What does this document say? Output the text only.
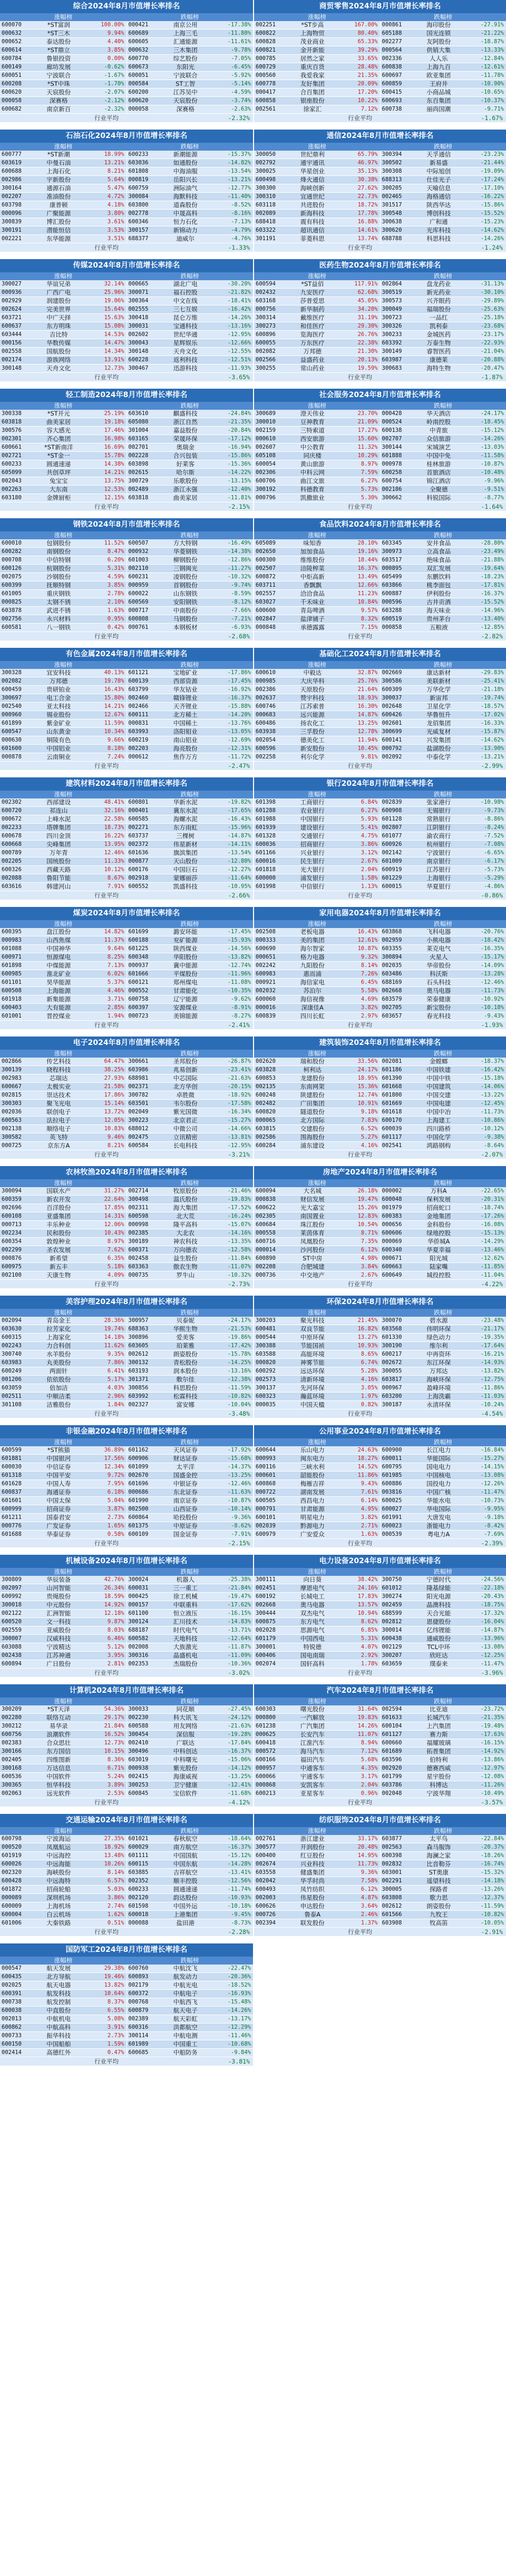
综合2024年8月市值增长率排名
涨幅榜	跌幅榜
600070	*ST富润	100.00% 000421	南京公用	-17.38%
000632	*ST三木	9.94% 600689	上海三毛	-11.80%
000652	泰达股份	4.40% 600605	汇通能源	-11.61%
600614	*ST鼎立	3.85% 000632	三木集团	-9.78%
600784	鲁银投资	0.00% 600770	综艺股份	-7.05%
600149	廊坊发展	-0.62% 600673	东阳光	-6.45%
600051	宁波联合	-1.67% 600051	宁波联合	-5.92%
600208	*ST中珠	-1.70% 000584	ST工智	-5.14%
600620	天宸股份	-2.07% 600200	江苏吴中	-4.59%
000058	深赛格	-2.12% 600620	天宸股份	-3.74%
600682	南京新百	-2.32% 000058	深赛格	-2.63%
行业平均	-2.32%
商贸零售2024年8月市值增长率排名
涨幅榜	跌幅榜
002251	*ST步高	167.00% 000861	海印股份	-27.91%
600822	上海物贸	80.40% 605188	国光连锁	-21.22%
600828	茂业商业	65.33% 002277	友阿股份	-18.87%
600821	金开新能	39.29% 000564	供销大集	-13.33%
000785	居然之家	33.65% 002336	人人乐	-12.84%
600729	重庆百货	28.48% 600838	上海九百	-12.61%
000560	我爱我家	21.35% 600697	欧亚集团	-11.78%
600778	友好集团	20.09% 600859	王府井	-10.90%
000417	合百集团	17.20% 600415	小商品城	-10.65%
600858	银座股份	10.22% 600693	东百集团	-10.37%
002561	徐家汇	7.12% 600738	丽尚国潮	-9.71%
行业平均	-1.67%
石油石化2024年8月市值增长率排名
涨幅榜	跌幅榜
600777	*ST新潮	18.99% 600233	新潮能源	-15.37%
603619	中曼石油	13.21% 603036	如通股份	-14.82%
600688	上海石化	8.21% 601808	中海油服	-13.54%
002986	宇新股份	5.64% 000819	岳阳兴长	-13.21%
300164	通源石油	5.47% 600759	洲际油气	-12.77%
002207	准油股份	4.72% 300084	海默科技	-11.40%
603798	康普顿	4.18% 603800	道森股份	-8.52%
000096	广聚能源	3.80% 002778	中晟高科	-8.16%
300839	博汇股份	3.61% 600346	恒力石化	-7.13%
300191	潜能恒信	3.53% 300157	新锦动力	-4.79%
002221	东华能源	3.51% 688377	迪威尔	-4.76%
行业平均	-1.33%
通信2024年8月市值增长率排名
涨幅榜	跌幅榜
300050	世纪鼎利	65.79% 300394	天孚通信	-23.23%
002792	通宇通讯	46.97% 300502	新易盛	-21.44%
300025	华星创业	35.13% 300308	中际旭创	-19.09%
600498	烽火通信	30.38% 688313	仕佳光子	-17.24%
300300	海峡创新	27.62% 300205	天喻信息	-17.10%
300310	宜通世纪	22.73% 002465	海格通信	-16.22%
603118	共进股份	18.72% 301517	陕西华达	-15.86%
002089	新海科技	17.78% 300548	博创科技	-15.52%
688418	震有科技	16.88% 300638	广和通	-15.23%
603322	超讯通信	14.61% 300620	光库科技	-14.62%
301191	菲菱科思	13.74% 688788	科思科技	-14.26%
行业平均	-1.24%
传媒2024年8月市值增长率排名
涨幅榜	跌幅榜
300027	华谊兄弟	32.14% 000665	湖北广电	-30.20%
000936	广西广电	25.96% 300071	福石控股	-21.82%
002929	润建股份	19.06% 300364	中文在线	-18.41%
002624	完美世界	15.64% 002555	三七互娱	-16.42%
603721	中广天择	15.63% 300418	昆仑万维	-14.26%
600637	东方明珠	15.08% 300031	宝通科技	-13.16%
603444	吉比特	14.53% 002602	世纪华通	-12.95%
000156	华数传媒	14.47% 300043	星辉娱乐	-12.66%
002558	国航股份	14.34% 300148	天舟文化	-12.55%
002174	游族网络	13.91% 600228	返利科技	-12.51%
300148	天舟文化	12.73% 300467	迅游科技	-11.93%
行业平均	-3.65%
医药生物2024年8月市值增长率排名
涨幅榜	跌幅榜
600594	*ST益佰	117.91% 002864	盘龙药业	-31.13%
002432	九安医疗	62.68% 300519	新光药业	-30.10%
603168	莎普爱思	45.05% 300573	兴齐眼药	-29.89%
000756	新华制药	34.20% 300049	福瑞股份	-25.63%
300314	戴维医疗	31.19% 300723	一品红	-25.18%
300273	和佳医疗	29.30% 300326	凯利泰	-23.68%
600896	览海医疗	26.76% 300233	金城医药	-23.17%
600055	万东医疗	22.38% 603392	万泰生物	-22.93%
002082	万邦德	21.30% 300149	睿智医药	-21.04%
002566	益盛药业	20.13% 603987	康德莱	-20.88%
300255	常山药业	19.59% 300683	海特生物	-20.47%
行业平均	-1.87%
轻工制造2024年8月市值增长率排名
涨幅榜	跌幅榜
300338	*ST开元	25.19% 603610	麒盛科技	-24.84%
603818	曲美家居	19.18% 605080	浙江自然	-21.35%
300576	容大感光	17.46% 301004	嘉益股份	-20.84%
002301	齐心集团	16.98% 603165	荣晟环保	-17.12%
600661	*ST新南洋	16.69% 002701	奥瑞金	-16.94%
002721	*ST金一	15.78% 002228	合兴包装	-15.86%
600233	圆通速递	14.38% 603898	好莱客	-15.36%
605099	共创草坪	14.21% 002615	哈尔斯	-14.22%
002043	兔宝宝	13.75% 300729	乐歌股份	-13.15%
002263	大东南	12.53% 002489	浙江永强	-12.40%
603180	金牌厨柜	12.15% 603818	曲美家居	-11.81%
行业平均	-2.15%
社会服务2024年8月市值增长率排名
涨幅榜	跌幅榜
300689	澄天伟业	23.70% 000428	华天酒店	-24.17%
300010	豆神教育	21.09% 000524	岭南控股	-18.45%
002159	三特索道	17.27% 600138	中青旅	-15.12%
000610	西安旅游	15.60% 002707	众信旅游	-14.26%
002607	中公教育	11.32% 300144	宋城演艺	-13.03%
605108	同庆楼	10.29% 601888	中国中免	-11.58%
600054	黄山旅游	8.97% 000978	桂林旅游	-10.87%
002306	中科云网	7.59% 600258	首旅酒店	-10.48%
600706	曲江文旅	6.27% 600754	锦江酒店	-9.96%
300192	科德教育	5.73% 002186	全聚德	-9.51%
000796	凯撒旅业	5.30% 300662	科锐国际	-8.77%
行业平均	-1.64%
钢铁2024年8月市值增长率排名
涨幅榜	跌幅榜
600010	包钢股份	11.52% 600507	方大特钢	-16.49%
600282	南钢股份	8.47% 000932	华菱钢铁	-14.38%
000708	中信特钢	6.20% 601003	柳钢股份	-12.86%
600126	杭钢股份	5.31% 002110	三钢闽光	-11.27%
002075	沙钢股份	4.59% 600231	凌钢股份	-10.32%
600399	抚顺特钢	3.85% 000959	首钢股份	-9.74%
601005	重庆钢铁	2.78% 600022	山东钢铁	-8.59%
000825	太钢不锈	2.10% 600569	安阳钢铁	-8.12%
603878	武进不锈	1.63% 000717	中南股份	-7.66%
002756	永兴材料	0.95% 600808	马钢股份	-7.21%
600581	八一钢铁	0.42% 000761	本钢板材	-6.93%
行业平均	-2.68%
食品饮料2024年8月市值增长率排名
涨幅榜	跌幅榜
605089	味知香	28.10% 603345	安井食品	-28.80%
002650	加加食品	19.16% 300973	立高食品	-23.49%
600300	维维股份	18.44% 603517	绝味食品	-21.88%
002507	涪陵榨菜	16.37% 000895	双汇发展	-19.64%
600872	中炬高新	13.49% 605499	东鹏饮料	-18.23%
603711	香飘飘	12.66% 603866	桃李面包	-17.81%
002557	洽洽食品	11.23% 600887	伊利股份	-16.37%
603027	千禾味业	10.84% 000596	古井贡酒	-15.52%
600600	青岛啤酒	9.57% 603288	海天味业	-14.96%
002847	盐津铺子	8.32% 600519	贵州茅台	-13.40%
000848	承德露露	7.15% 000858	五粮液	-12.85%
行业平均	-2.82%
有色金属2024年8月市值增长率排名
涨幅榜	跌幅榜
300328	宜安科技	40.13% 601121	宝地矿业	-17.86%
002082	万邦德	19.78% 600139	西部资源	-17.45%
600459	贵研铂业	16.43% 603799	华友钴业	-16.92%
300697	电工合金	15.80% 002460	赣锋锂业	-16.37%
002540	亚太科技	14.21% 002466	天齐锂业	-15.88%
000960	锡业股份	12.67% 600111	北方稀土	-14.20%
601899	紫金矿业	11.59% 000831	中国稀土	-13.76%
600547	山东黄金	10.34% 603993	洛阳钼业	-13.05%
000630	铜陵有色	9.66% 600219	南山铝业	-12.69%
601600	中国铝业	8.18% 002203	海亮股份	-12.31%
000878	云南铜业	7.24% 000612	焦作万方	-11.72%
行业平均	-2.47%
基础化工2024年8月市值增长率排名
涨幅榜	跌幅榜
600610	中毅达	32.87% 002669	康达新材	-29.83%
000985	大庆华科	25.76% 300586	美联新材	-25.41%
002386	天原股份	21.64% 600309	万华化学	-21.18%
002637	赞宇科技	18.93% 300037	新宙邦	-19.74%
600746	江苏索普	16.30% 002648	卫星化学	-18.57%
000683	远兴能源	14.87% 600426	华鲁恒升	-17.02%
600486	扬农化工	13.25% 002601	龙佰集团	-16.33%
603938	三孚股份	12.78% 300699	光威复材	-15.87%
002054	德美化工	11.94% 600141	兴发集团	-14.62%
600596	新安股份	10.45% 000792	盐湖股份	-13.90%
002258	利尔化学	9.81% 002092	中泰化学	-13.21%
行业平均	-2.99%
建筑材料2024年8月市值增长率排名
涨幅榜	跌幅榜
002302	西部建设	48.41% 600801	华新水泥	-19.82%
600720	祁连山	32.16% 000401	冀东水泥	-17.65%
000672	上峰水泥	22.58% 600585	海螺水泥	-16.43%
002233	塔牌集团	18.73% 002271	东方雨虹	-15.96%
600678	四川金顶	16.22% 603737	三棵树	-14.87%
600668	尖峰集团	13.95% 002372	伟星新材	-14.11%
000789	万年青	12.46% 601636	旗滨集团	-13.54%
002205	国统股份	11.33% 000877	天山股份	-12.80%
600326	西藏天路	10.12% 600176	中国巨石	-12.27%
002088	鲁阳节能	8.67% 002918	蒙娜丽莎	-11.64%
603616	韩建河山	7.91% 600552	凯盛科技	-10.95%
行业平均	-2.66%
银行2024年8月市值增长率排名
涨幅榜	跌幅榜
601398	工商银行	6.84% 002839	张家港行	-10.98%
601288	农业银行	6.27% 600908	无锡银行	-9.73%
601988	中国银行	5.93% 601128	常熟银行	-8.86%
601939	建设银行	5.41% 002807	江阴银行	-8.24%
601328	交通银行	4.75% 601077	渝农商行	-7.52%
600036	招商银行	3.86% 600926	杭州银行	-7.08%
601166	兴业银行	3.12% 002142	宁波银行	-6.65%
600016	民生银行	2.67% 601009	南京银行	-6.17%
601818	光大银行	2.04% 600919	江苏银行	-5.73%
600000	浦发银行	1.58% 601229	上海银行	-5.29%
601998	中信银行	1.13% 600015	华夏银行	-4.86%
行业平均	-0.86%
煤炭2024年8月市值增长率排名
涨幅榜	跌幅榜
600395	盘江股份	14.82% 601699	潞安环能	-17.45%
000983	山西焦煤	11.37% 600188	兖矿能源	-15.93%
601088	中国神华	9.64% 601225	陕西煤业	-14.56%
600971	恒源煤电	8.25% 600348	华阳股份	-13.82%
601898	中煤能源	7.13% 000937	冀中能源	-12.74%
600985	淮北矿业	6.02% 601666	平煤股份	-11.96%
601101	昊华能源	5.37% 600121	郑州煤电	-11.08%
600508	上海能源	4.46% 000552	甘肃能化	-10.35%
601918	新集能源	3.71% 600758	辽宁能源	-9.62%
600403	大有能源	2.85% 600397	安源煤业	-8.91%
601001	晋控煤业	1.94% 000723	美锦能源	-8.27%
行业平均	-2.41%
家用电器2024年8月市值增长率排名
涨幅榜	跌幅榜
002508	老板电器	16.43% 603868	飞科电器	-20.76%
000333	美的集团	12.61% 002959	小熊电器	-18.42%
600690	海尔智家	10.87% 603355	莱克电气	-16.35%
000651	格力电器	9.32% 300894	火星人	-15.17%
002242	九阳股份	8.14% 002035	华帝股份	-14.09%
600983	惠而浦	7.26% 603486	科沃斯	-13.28%
000921	海信家电	6.45% 688169	石头科技	-12.46%
002032	苏泊尔	5.58% 002668	奥马电器	-11.73%
600060	海信视像	4.69% 603579	荣泰健康	-10.92%
000016	深康佳A	3.82% 002705	新宝股份	-10.18%
600839	四川长虹	2.97% 603657	春光科技	-9.43%
行业平均	-1.93%
电子2024年8月市值增长率排名
涨幅榜	跌幅榜
002866	传艺科技	64.47% 300661	圣邦股份	-26.87%
300139	晓程科技	38.25% 603986	兆易创新	-23.41%
002983	芯瑞达	27.93% 688981	中芯国际	-21.63%
600667	太极实业	21.58% 002371	北方华创	-20.15%
002815	崇达技术	17.86% 300782	卓胜微	-18.92%
300303	聚飞光电	15.14% 603501	韦尔股份	-17.58%
002036	联创电子	13.72% 002049	紫光国微	-16.34%
600563	法拉电子	12.05% 300223	北京君正	-15.27%
002138	顺络电子	10.83% 688012	中微公司	-14.66%
300582	英飞特	9.46% 002475	立讯精密	-13.81%
000725	京东方A	8.21% 600584	长电科技	-12.95%
行业平均	-3.21%
建筑装饰2024年8月市值增长率排名
涨幅榜	跌幅榜
002620	瑞和股份	33.56% 002081	金螳螂	-18.37%
603828	柯利达	24.17% 601186	中国铁建	-16.42%
600853	龙建股份	18.95% 601390	中国中铁	-15.18%
002135	东南网架	15.36% 601668	中国建筑	-14.06%
600248	陕建股份	12.74% 601800	中国交建	-13.22%
002482	广田集团	10.91% 601669	中国电建	-12.45%
600820	隧道股份	9.18% 601618	中国中冶	-11.73%
000065	北方国际	7.83% 600170	上海建工	-10.86%
603815	交建股份	6.52% 600039	四川路桥	-10.12%
002586	围海股份	5.27% 601117	中国化学	-9.38%
600284	浦东建设	4.16% 002541	鸿路钢构	-8.64%
行业平均	-2.07%
农林牧渔2024年8月市值增长率排名
涨幅榜	跌幅榜
300094	国联水产	31.27% 002714	牧原股份	-21.46%
600359	新农开发	22.64% 300498	温氏股份	-19.83%
002696	百洋股份	17.85% 002311	海大集团	-17.52%
600108	亚盛集团	14.31% 600598	北大荒	-16.24%
000713	丰乐种业	12.06% 000998	隆平高科	-15.07%
002234	民和股份	10.43% 002385	大北农	-14.16%
600354	敦煌种业	8.97% 300189	神农科技	-13.35%
002299	圣农发展	7.62% 600371	万向德农	-12.58%
000876	新希望	6.35% 002458	益生股份	-11.84%
600975	新五丰	5.18% 603363	傲农生物	-11.07%
002100	天康生物	4.09% 000735	罗牛山	-10.32%
行业平均	-2.73%
房地产2024年8月市值增长率排名
涨幅榜	跌幅榜
600094	大名城	26.18% 000002	万科A	-22.65%
000838	财信发展	19.47% 600048	保利发展	-20.31%
600622	光大嘉宝	15.26% 001979	招商蛇口	-18.74%
002305	南国置业	12.83% 600383	金地集团	-17.26%
600684	珠江股份	10.54% 000656	金科股份	-16.08%
000558	莱茵体育	8.71% 600606	绿地控股	-15.13%
600716	凤凰股份	7.35% 000069	华侨城A	-14.29%
000014	沙河股份	6.12% 600340	华夏幸福	-13.46%
600890	ST中房	4.98% 000671	阳光城	-12.62%
002208	合肥城建	3.84% 600663	陆家嘴	-11.85%
000736	中交地产	2.67% 600649	城投控股	-11.04%
行业平均	-4.22%
美容护理2024年8月市值增长率排名
涨幅榜	跌幅榜
002094	青岛金王	28.36% 300957	贝泰妮	-24.17%
603630	拉芳家化	19.74% 688363	华熙生物	-21.53%
600315	上海家化	14.18% 300896	爱美客	-19.86%
002243	力合科创	11.62% 603605	珀莱雅	-17.42%
300740	水羊股份	9.35% 002612	朗姿股份	-15.78%
603983	丸美股份	7.86% 300132	青松股份	-14.25%
600249	两面针	6.41% 603193	润本股份	-13.16%
001206	依依股份	5.17% 301371	敷尔佳	-12.38%
603059	倍加洁	4.03% 300856	科思股份	-11.59%
002511	中顺洁柔	2.96% 603992	松霖科技	-10.82%
301108	洁雅股份	1.84% 002327	富安娜	-10.04%
行业平均	-3.48%
环保2024年8月市值增长率排名
涨幅榜	跌幅榜
300203	聚光科技	21.45% 300070	碧水源	-23.48%
600481	双良节能	16.82% 603568	伟明环保	-21.17%
000544	中原环保	13.27% 601330	绿色动力	-19.35%
300388	节能国祯	10.93% 300190	维尔利	-17.64%
603588	高能环境	8.65% 600217	中再资环	-16.21%
000820	神雾节能	6.74% 002672	东江环保	-14.93%
600292	远达环保	5.28% 300055	万邦达	-13.82%
002573	清新环境	4.16% 603817	海峡环保	-12.75%
300137	先河环保	3.05% 000967	盈峰环境	-11.86%
600323	瀚蓝环境	1.97% 603200	上海洗霸	-11.03%
000035	中国天楹	0.82% 300187	永清环保	-10.24%
行业平均	-4.54%
非银金融2024年8月市值增长率排名
涨幅榜	跌幅榜
600599	*ST熊猫	36.89% 601162	天风证券	-17.92%
601881	中国银河	17.56% 600906	财达证券	-15.68%
600030	中信证券	12.34% 601099	太平洋	-14.37%
601318	中国平安	9.72% 002670	国盛金控	-13.25%
601628	中国人寿	7.95% 601696	中银证券	-12.46%
600837	海通证券	6.18% 000686	东北证券	-11.63%
601601	中国太保	5.04% 601990	南京证券	-10.87%
600999	招商证券	3.87% 002500	山西证券	-10.14%
601211	国泰君安	2.73% 600864	哈投股份	-9.36%
000776	广发证券	1.65% 601375	中原证券	-8.62%
601688	华泰证券	0.58% 600109	国金证券	-7.91%
行业平均	-2.15%
公用事业2024年8月市值增长率排名
涨幅榜	跌幅榜
600644	乐山电力	24.63% 600900	长江电力	-16.84%
000993	闽东电力	18.27% 600011	华能国际	-15.27%
600116	三峡水利	14.52% 600795	国电电力	-14.15%
000601	韶能股份	11.86% 601985	中国核电	-13.08%
600868	梅雁吉祥	9.43% 600886	国投电力	-12.26%
000722	湖南发展	7.61% 003816	中国广核	-11.47%
600505	西昌电力	6.14% 600025	华能水电	-10.73%
000791	甘肃能源	4.95% 600027	华电国际	-9.95%
600101	明星电力	3.82% 601991	大唐发电	-9.18%
002039	黔源电力	2.71% 600023	浙能电力	-8.42%
600979	广安爱众	1.63% 000539	粤电力A	-7.69%
行业平均	-2.39%
机械设备2024年8月市值增长率排名
涨幅榜	跌幅榜
300809	华辰装备	42.76% 300024	机器人	-25.38%
002097	山河智能	26.34% 600031	三一重工	-21.84%
600992	贵绳股份	18.59% 000425	徐工机械	-19.47%
300018	中元股份	14.92% 000157	中联重科	-17.62%
002122	汇洲智能	12.18% 601100	恒立液压	-16.15%
600520	文一科技	9.87% 300124	汇川技术	-14.83%
002559	亚威股份	8.03% 688187	时代电气	-13.71%
300007	汉威科技	6.46% 600582	天地科技	-12.64%
603088	宁波精达	5.12% 002008	大族激光	-11.87%
002438	江苏神通	3.95% 300316	晶盛机电	-11.09%
600894	广日股份	2.81% 002353	杰瑞股份	-10.36%
行业平均	-3.02%
电力设备2024年8月市值增长率排名
涨幅榜	跌幅榜
300111	向日葵	38.42% 300750	宁德时代	-24.56%
002451	摩恩电气	24.16% 601012	隆基绿能	-22.18%
600192	长城电工	17.83% 300274	阳光电源	-20.43%
002668	奥马电器	13.57% 002459	晶澳科技	-18.75%
300444	双杰电气	10.94% 688599	天合光能	-17.32%
600875	东方电气	8.62% 002812	恩捷股份	-16.04%
002028	思源电气	6.85% 300014	亿纬锂能	-14.87%
601179	中国西电	5.31% 600438	通威股份	-13.96%
300001	特锐德	4.07% 002129	TCL中环	-13.08%
600406	国电南瑞	2.92% 300207	欣旺达	-12.25%
002074	国轩高科	1.78% 603659	璞泰来	-11.47%
行业平均	-3.96%
计算机2024年8月市值增长率排名
涨幅榜	跌幅榜
300209	*ST天泽	54.36% 300033	同花顺	-27.45%
002280	联络互动	29.17% 002230	科大讯飞	-24.12%
300212	易华录	21.84% 600588	用友网络	-21.63%
600756	浪潮软件	16.52% 300454	深信服	-19.28%
002383	合众思壮	12.73% 002410	广联达	-17.84%
300166	东方国信	10.15% 300496	中科创达	-16.37%
002405	四维图新	8.36% 603019	中科曙光	-15.06%
300168	万达信息	6.71% 000938	紫光股份	-14.12%
600536	中国软件	5.24% 002415	海康威视	-13.25%
300365	恒华科技	3.89% 300253	卫宁健康	-12.41%
002063	远光软件	2.53% 600845	宝信软件	-11.68%
行业平均	-4.12%
汽车2024年8月市值增长率排名
涨幅榜	跌幅榜
600303	曙光股份	31.64% 002594	比亚迪	-23.72%
000800	一汽解放	19.83% 601633	长城汽车	-21.35%
601238	广汽集团	14.26% 600104	上汽集团	-19.48%
000625	长安汽车	11.07% 601127	赛力斯	-17.63%
600418	江淮汽车	8.94% 600660	福耀玻璃	-16.15%
000572	海马汽车	7.12% 601689	拓普集团	-14.92%
600166	福田汽车	5.68% 603596	伯特利	-13.86%
000957	中通客车	4.35% 002920	德赛西威	-12.97%
600066	宇通客车	3.17% 601799	星宇股份	-12.08%
000868	安凯客车	2.04% 603786	科博达	-11.26%
600213	亚星客车	0.96% 002048	宁波华翔	-10.49%
行业平均	-3.57%
交通运输2024年8月市值增长率排名
涨幅榜	跌幅榜
600798	宁波海运	27.35% 601021	春秋航空	-18.64%
000520	凤凰航运	18.92% 600029	南方航空	-16.37%
601919	中远海控	13.48% 601111	中国国航	-15.12%
600026	中远海能	10.26% 600115	中国东航	-14.28%
002320	海峡股份	8.14% 603885	吉祥航空	-13.41%
600428	中远海特	6.57% 002352	顺丰控股	-12.56%
601872	招商轮船	5.03% 600233	圆通速递	-11.74%
000089	深圳机场	3.86% 002120	韵达股份	-10.93%
600009	上海机场	2.74% 601598	中国外运	-10.18%
600004	白云机场	1.62% 600018	上港集团	-9.45%
601006	大秦铁路	0.51% 000088	盐田港	-8.73%
行业平均	-2.28%
纺织服饰2024年8月市值增长率排名
涨幅榜	跌幅榜
002761	浙江建业	33.17% 603877	太平鸟	-22.84%
300577	开润股份	20.48% 002563	森马服饰	-20.37%
600400	红豆股份	14.95% 600398	海澜之家	-18.26%
002674	兴业科技	11.73% 002832	比音勒芬	-16.74%
603558	健盛集团	9.36% 603001	ST奥康	-15.32%
002042	华孚时尚	7.58% 002291	遥望科技	-14.18%
600493	凤竹纺织	6.12% 300005	探路者	-13.26%
002003	伟星股份	4.87% 603808	歌力思	-12.37%
600626	申达股份	3.64% 002612	朗姿股份	-11.59%
000726	鲁泰A	2.46% 601566	九牧王	-10.82%
002394	联发股份	1.37% 603908	牧高笛	-10.05%
行业平均	-2.91%
国防军工2024年8月市值增长率排名
涨幅榜	跌幅榜
000547	航天发展	29.38% 600760	中航沈飞	-22.47%
600435	北方导航	19.46% 600893	航发动力	-20.36%
002025	航天电器	13.82% 002179	中航光电	-18.52%
600391	航发科技	10.64% 600372	中航电子	-16.93%
000738	航发控制	8.37% 000768	中航西飞	-15.48%
600038	中直股份	6.55% 600879	航天电子	-14.26%
002013	中航机电	5.08% 002389	航天彩虹	-13.17%
600862	中航高科	3.91% 600316	洪都航空	-12.29%
000733	振华科技	2.73% 300114	中航电测	-11.46%
600150	中国船舶	1.59% 601989	中国重工	-10.68%
002414	高德红外	0.47% 600685	中船防务	-9.84%
行业平均	-3.81%
